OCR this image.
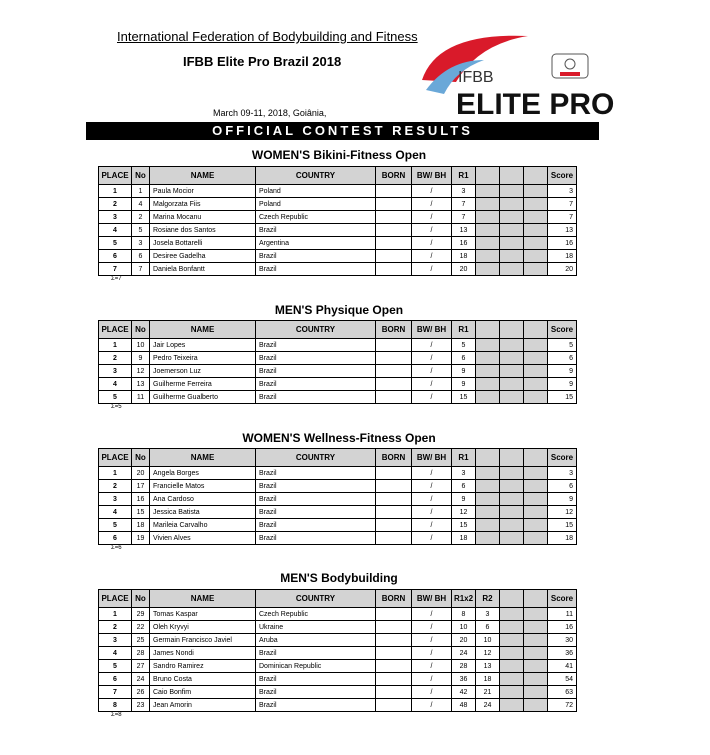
International Federation of Bodybuilding and Fitness
IFBB Elite Pro Brazil 2018
IFBB
ELITE PRO
March 09-11, 2018, Goiânia,
OFFICIAL CONTEST RESULTS
WOMEN'S Bikini-Fitness Open
PLACE	No	NAME	COUNTRY	BORN	BW/ BH	R1				Score
1	1	Paula Mocior	Poland		/	3				3
2	4	Malgorzata Fiis	Poland		/	7				7
3	2	Marina Mocanu	Czech Republic		/	7				7
4	5	Rosiane dos Santos	Brazil		/	13				13
5	3	Josela Bottarelli	Argentina		/	16				16
6	6	Desiree Gadelha	Brazil		/	18				18
7	7	Daniela Bonfantt	Brazil		/	20				20
Σ=7
MEN'S Physique Open
PLACE	No	NAME	COUNTRY	BORN	BW/ BH	R1				Score
1	10	Jair Lopes	Brazil		/	5				5
2	9	Pedro Teixeira	Brazil		/	6				6
3	12	Joemerson Luz	Brazil		/	9				9
4	13	Guilherme Ferreira	Brazil		/	9				9
5	11	Guilherme Gualberto	Brazil		/	15				15
Σ=5
WOMEN'S Wellness-Fitness Open
PLACE	No	NAME	COUNTRY	BORN	BW/ BH	R1				Score
1	20	Angela Borges	Brazil		/	3				3
2	17	Francielle Matos	Brazil		/	6				6
3	16	Ana Cardoso	Brazil		/	9				9
4	15	Jessica Batista	Brazil		/	12				12
5	18	Marileia Carvalho	Brazil		/	15				15
6	19	Vivien Alves	Brazil		/	18				18
Σ=6
MEN'S Bodybuilding
PLACE	No	NAME	COUNTRY	BORN	BW/ BH	R1x2	R2			Score
1	29	Tomas Kaspar	Czech Republic		/	8	3			11
2	22	Oleh Kryvyi	Ukraine		/	10	6			16
3	25	Germain Francisco Javiel	Aruba		/	20	10			30
4	28	James Nondi	Brazil		/	24	12			36
5	27	Sandro Ramirez	Dominican Republic		/	28	13			41
6	24	Bruno Costa	Brazil		/	36	18			54
7	26	Caio Bonfim	Brazil		/	42	21			63
8	23	Jean Amorin	Brazil		/	48	24			72
Σ=8
